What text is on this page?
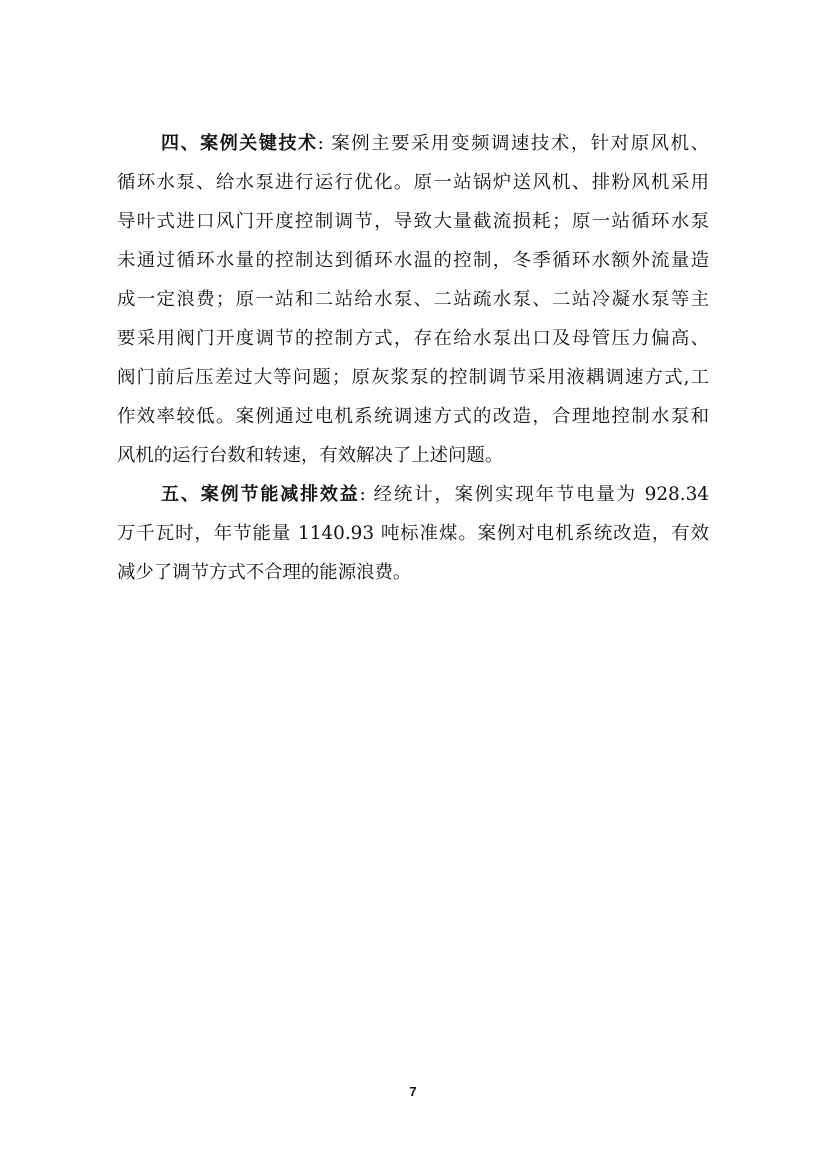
四、案例关键技术: 案例主要采用变频调速技术，针对原风机、
循环水泵、给水泵进行运行优化。原一站锅炉送风机、排粉风机采用
导叶式进口风门开度控制调节，导致大量截流损耗；原一站循环水泵
未通过循环水量的控制达到循环水温的控制，冬季循环水额外流量造
成一定浪费；原一站和二站给水泵、二站疏水泵、二站冷凝水泵等主
要采用阀门开度调节的控制方式，存在给水泵出口及母管压力偏高、
阀门前后压差过大等问题；原灰浆泵的控制调节采用液耦调速方式,工
作效率较低。案例通过电机系统调速方式的改造，合理地控制水泵和
风机的运行台数和转速，有效解决了上述问题。
五、案例节能减排效益: 经统计，案例实现年节电量为 928.34
万千瓦时，年节能量 1140.93 吨标准煤。案例对电机系统改造，有效
减少了调节方式不合理的能源浪费。
7
